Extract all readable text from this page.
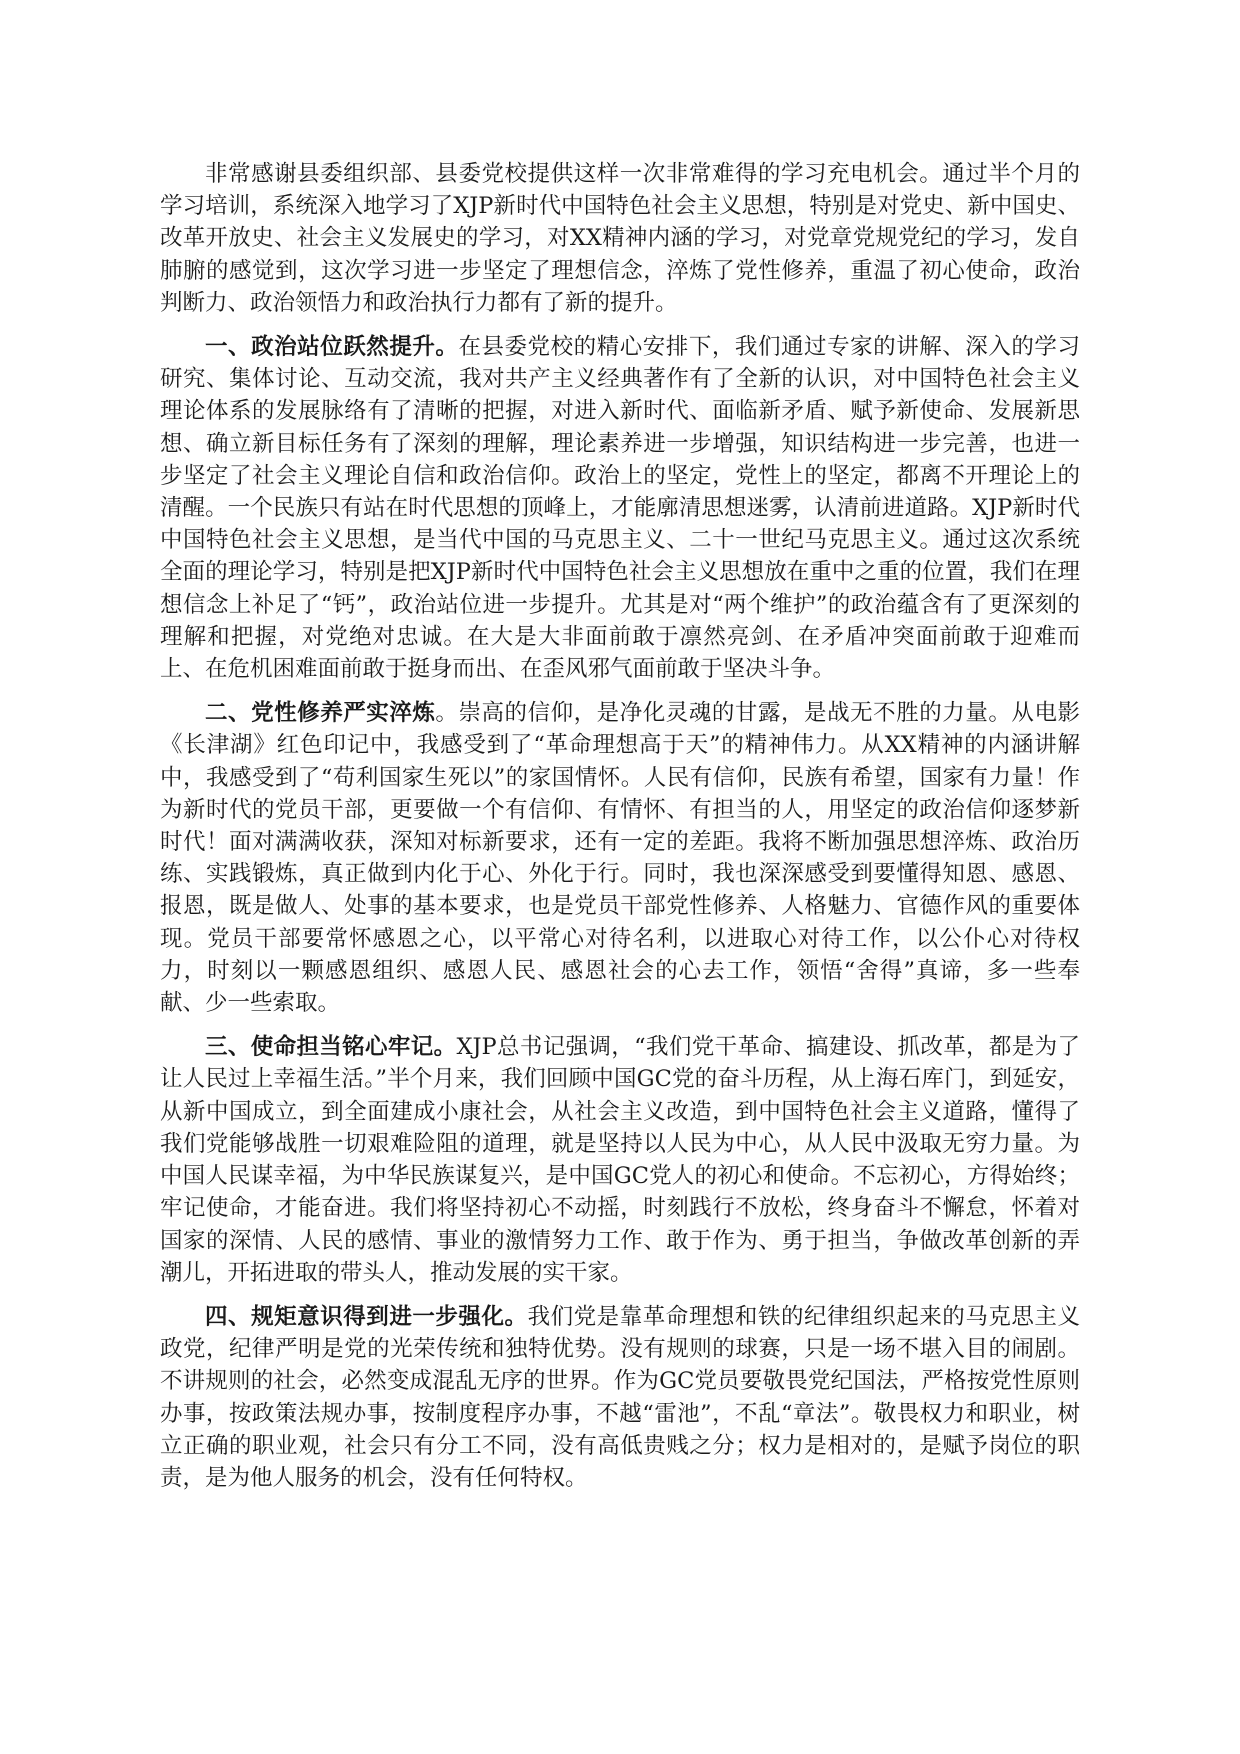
非常感谢县委组织部、县委党校提供这样一次非常难得的学习充电机会。通过半个月的学习培训，系统深入地学习了XJP新时代中国特色社会主义思想，特别是对党史、新中国史、改革开放史、社会主义发展史的学习，对XX精神内涵的学习，对党章党规党纪的学习，发自肺腑的感觉到，这次学习进一步坚定了理想信念，淬炼了党性修养，重温了初心使命，政治判断力、政治领悟力和政治执行力都有了新的提升。

一、政治站位跃然提升。在县委党校的精心安排下，我们通过专家的讲解、深入的学习研究、集体讨论、互动交流，我对共产主义经典著作有了全新的认识，对中国特色社会主义理论体系的发展脉络有了清晰的把握，对进入新时代、面临新矛盾、赋予新使命、发展新思想、确立新目标任务有了深刻的理解，理论素养进一步增强，知识结构进一步完善，也进一步坚定了社会主义理论自信和政治信仰。政治上的坚定，党性上的坚定，都离不开理论上的清醒。一个民族只有站在时代思想的顶峰上，才能廓清思想迷雾，认清前进道路。XJP新时代中国特色社会主义思想，是当代中国的马克思主义、二十一世纪马克思主义。通过这次系统全面的理论学习，特别是把XJP新时代中国特色社会主义思想放在重中之重的位置，我们在理想信念上补足了“钙”，政治站位进一步提升。尤其是对“两个维护”的政治蕴含有了更深刻的理解和把握，对党绝对忠诚。在大是大非面前敢于凛然亮剑、在矛盾冲突面前敢于迎难而上、在危机困难面前敢于挺身而出、在歪风邪气面前敢于坚决斗争。

二、党性修养严实淬炼。崇高的信仰，是净化灵魂的甘露，是战无不胜的力量。从电影《长津湖》红色印记中，我感受到了“革命理想高于天”的精神伟力。从XX精神的内涵讲解中，我感受到了“苟利国家生死以”的家国情怀。人民有信仰，民族有希望，国家有力量！作为新时代的党员干部，更要做一个有信仰、有情怀、有担当的人，用坚定的政治信仰逐梦新时代！面对满满收获，深知对标新要求，还有一定的差距。我将不断加强思想淬炼、政治历练、实践锻炼，真正做到内化于心、外化于行。同时，我也深深感受到要懂得知恩、感恩、报恩，既是做人、处事的基本要求，也是党员干部党性修养、人格魅力、官德作风的重要体现。党员干部要常怀感恩之心，以平常心对待名利，以进取心对待工作，以公仆心对待权力，时刻以一颗感恩组织、感恩人民、感恩社会的心去工作，领悟“舍得”真谛，多一些奉献、少一些索取。

三、使命担当铭心牢记。XJP总书记强调，“我们党干革命、搞建设、抓改革，都是为了让人民过上幸福生活。”半个月来，我们回顾中国GC党的奋斗历程，从上海石库门，到延安，从新中国成立，到全面建成小康社会，从社会主义改造，到中国特色社会主义道路，懂得了我们党能够战胜一切艰难险阻的道理，就是坚持以人民为中心，从人民中汲取无穷力量。为中国人民谋幸福，为中华民族谋复兴，是中国GC党人的初心和使命。不忘初心，方得始终；牢记使命，才能奋进。我们将坚持初心不动摇，时刻践行不放松，终身奋斗不懈怠，怀着对国家的深情、人民的感情、事业的激情努力工作、敢于作为、勇于担当，争做改革创新的弄潮儿，开拓进取的带头人，推动发展的实干家。

四、规矩意识得到进一步强化。我们党是靠革命理想和铁的纪律组织起来的马克思主义政党，纪律严明是党的光荣传统和独特优势。没有规则的球赛，只是一场不堪入目的闹剧。不讲规则的社会，必然变成混乱无序的世界。作为GC党员要敬畏党纪国法，严格按党性原则办事，按政策法规办事，按制度程序办事，不越“雷池”，不乱“章法”。敬畏权力和职业，树立正确的职业观，社会只有分工不同，没有高低贵贱之分；权力是相对的，是赋予岗位的职责，是为他人服务的机会，没有任何特权。
